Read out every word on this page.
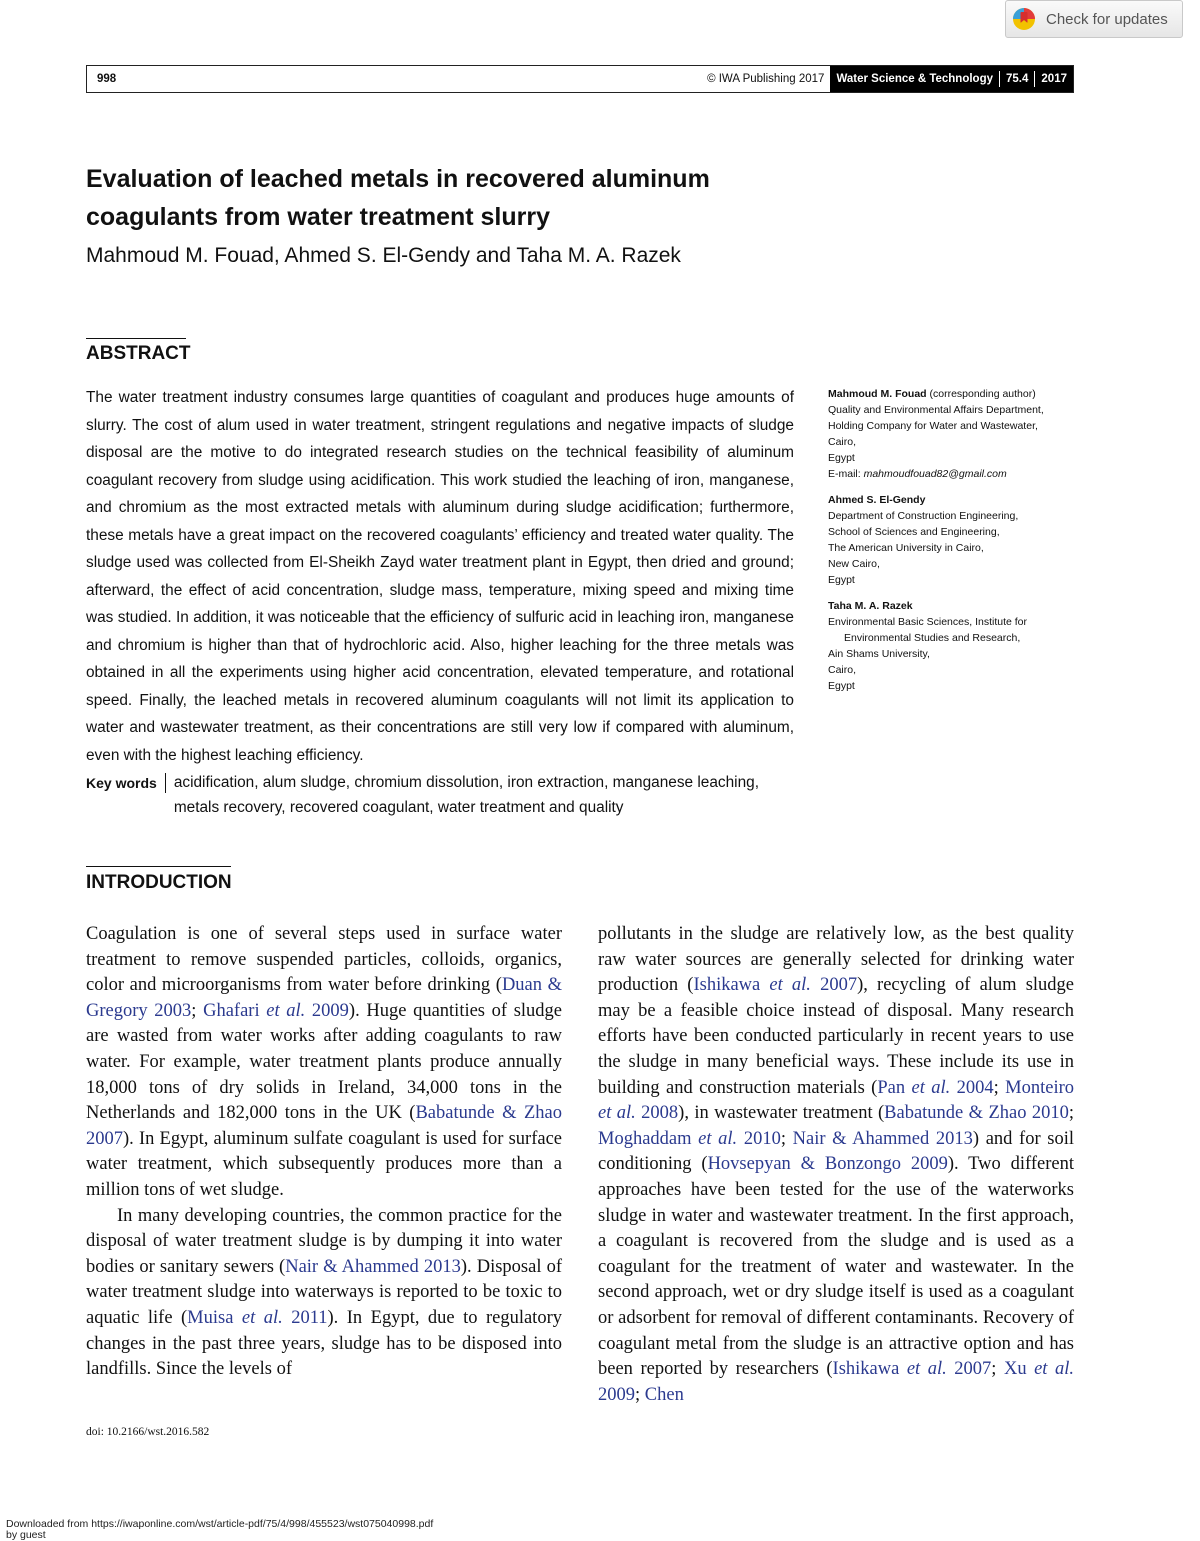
Check for updates
998	© IWA Publishing 2017	Water Science & Technology	75.4	2017
Evaluation of leached metals in recovered aluminum
coagulants from water treatment slurry
Mahmoud M. Fouad, Ahmed S. El-Gendy and Taha M. A. Razek
ABSTRACT
The water treatment industry consumes large quantities of coagulant and produces huge amounts of slurry. The cost of alum used in water treatment, stringent regulations and negative impacts of sludge disposal are the motive to do integrated research studies on the technical feasibility of aluminum coagulant recovery from sludge using acidification. This work studied the leaching of iron, manganese, and chromium as the most extracted metals with aluminum during sludge acidification; furthermore, these metals have a great impact on the recovered coagulants’ efficiency and treated water quality. The sludge used was collected from El-Sheikh Zayd water treatment plant in Egypt, then dried and ground; afterward, the effect of acid concentration, sludge mass, temperature, mixing speed and mixing time was studied. In addition, it was noticeable that the efficiency of sulfuric acid in leaching iron, manganese and chromium is higher than that of hydrochloric acid. Also, higher leaching for the three metals was obtained in all the experiments using higher acid concentration, elevated temperature, and rotational speed. Finally, the leached metals in recovered aluminum coagulants will not limit its application to water and wastewater treatment, as their concentrations are still very low if compared with aluminum, even with the highest leaching efficiency.
Key words	acidification, alum sludge, chromium dissolution, iron extraction, manganese leaching, metals recovery, recovered coagulant, water treatment and quality
Mahmoud M. Fouad (corresponding author)
Quality and Environmental Affairs Department,
Holding Company for Water and Wastewater,
Cairo,
Egypt
E-mail: mahmoudfouad82@gmail.com
Ahmed S. El-Gendy
Department of Construction Engineering,
School of Sciences and Engineering,
The American University in Cairo,
New Cairo,
Egypt
Taha M. A. Razek
Environmental Basic Sciences, Institute for
Environmental Studies and Research,
Ain Shams University,
Cairo,
Egypt
INTRODUCTION

Coagulation is one of several steps used in surface water treatment to remove suspended particles, colloids, organics, color and microorganisms from water before drinking (Duan & Gregory 2003; Ghafari et al. 2009). Huge quantities of sludge are wasted from water works after adding coagulants to raw water. For example, water treatment plants produce annually 18,000 tons of dry solids in Ireland, 34,000 tons in the Netherlands and 182,000 tons in the UK (Babatunde & Zhao 2007). In Egypt, aluminum sulfate coagulant is used for surface water treatment, which subsequently produces more than a million tons of wet sludge.

In many developing countries, the common practice for the disposal of water treatment sludge is by dumping it into water bodies or sanitary sewers (Nair & Ahammed 2013). Disposal of water treatment sludge into waterways is reported to be toxic to aquatic life (Muisa et al. 2011). In Egypt, due to regulatory changes in the past three years, sludge has to be disposed into landfills. Since the levels of

pollutants in the sludge are relatively low, as the best quality raw water sources are generally selected for drinking water production (Ishikawa et al. 2007), recycling of alum sludge may be a feasible choice instead of disposal. Many research efforts have been conducted particularly in recent years to use the sludge in many beneficial ways. These include its use in building and construction materials (Pan et al. 2004; Monteiro et al. 2008), in wastewater treatment (Babatunde & Zhao 2010; Moghaddam et al. 2010; Nair & Ahammed 2013) and for soil conditioning (Hovsepyan & Bonzongo 2009). Two different approaches have been tested for the use of the waterworks sludge in water and wastewater treatment. In the first approach, a coagulant is recovered from the sludge and is used as a coagulant for the treatment of water and wastewater. In the second approach, wet or dry sludge itself is used as a coagulant or adsorbent for removal of different contaminants. Recovery of coagulant metal from the sludge is an attractive option and has been reported by researchers (Ishikawa et al. 2007; Xu et al. 2009; Chen

doi: 10.2166/wst.2016.582
Downloaded from https://iwaponline.com/wst/article-pdf/75/4/998/455523/wst075040998.pdf
by guest
